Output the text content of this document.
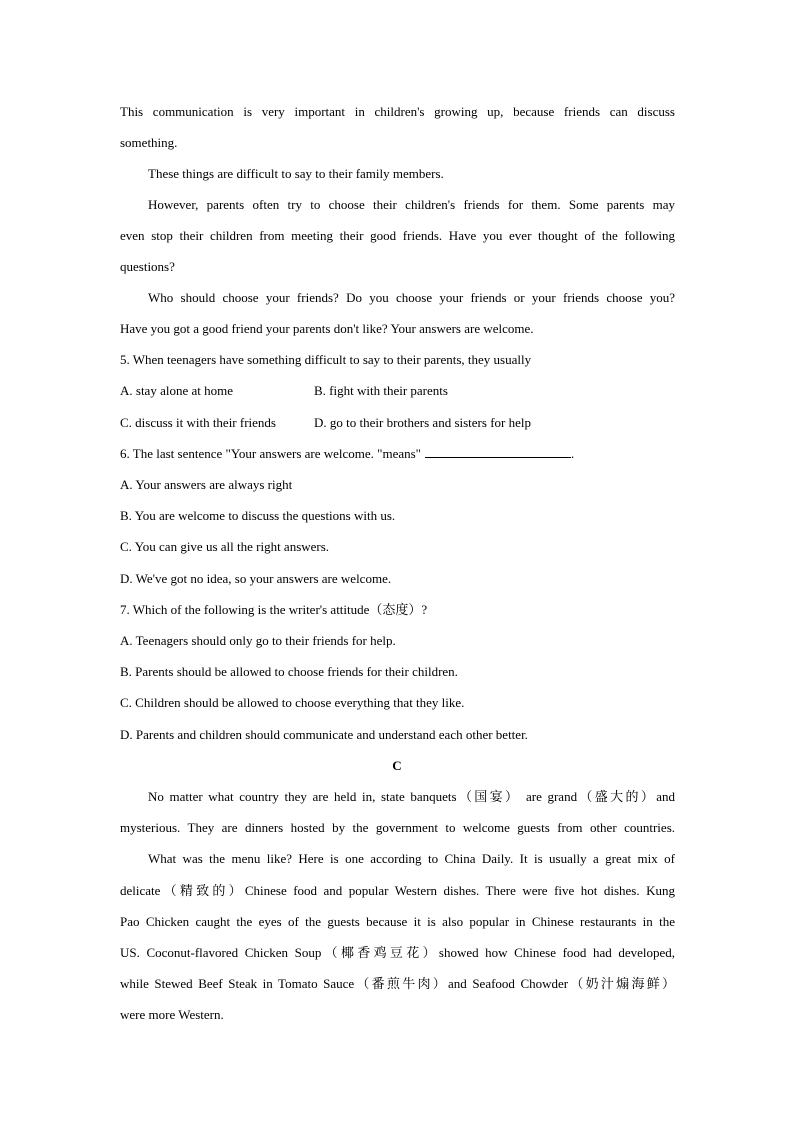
This communication is very important in children's growing up, because friends can discuss
something.
These things are difficult to say to their family members.
However, parents often try to choose their children's friends for them. Some parents may
even stop their children from meeting their good friends. Have you ever thought of the following
questions?
Who should choose your friends? Do you choose your friends or your friends choose you?
Have you got a good friend your parents don't like? Your answers are welcome.
5. When teenagers have something difficult to say to their parents, they usually
A. stay alone at home	B. fight with their parents
C. discuss it with their friends	D. go to their brothers and sisters for help
6. The last sentence "Your answers are welcome. "means"	.
A. Your answers are always right
B. You are welcome to discuss the questions with us.
C. You can give us all the right answers.
D. We've got no idea, so your answers are welcome.
7. Which of the following is the writer's attitude（态度）?
A. Teenagers should only go to their friends for help.
B. Parents should be allowed to choose friends for their children.
C. Children should be allowed to choose everything that they like.
D. Parents and children should communicate and understand each other better.
C
No matter what country they are held in, state banquets（国宴） are grand（盛大的）and
mysterious. They are dinners hosted by the government to welcome guests from other countries.
What was the menu like? Here is one according to China Daily. It is usually a great mix of
delicate（精致的）Chinese food and popular Western dishes. There were five hot dishes. Kung
Pao Chicken caught the eyes of the guests because it is also popular in Chinese restaurants in the
US. Coconut-flavored Chicken Soup（椰香鸡豆花）showed how Chinese food had developed,
while Stewed Beef Steak in Tomato Sauce（番煎牛肉）and Seafood Chowder（奶汁煽海鲜）
were more Western.
